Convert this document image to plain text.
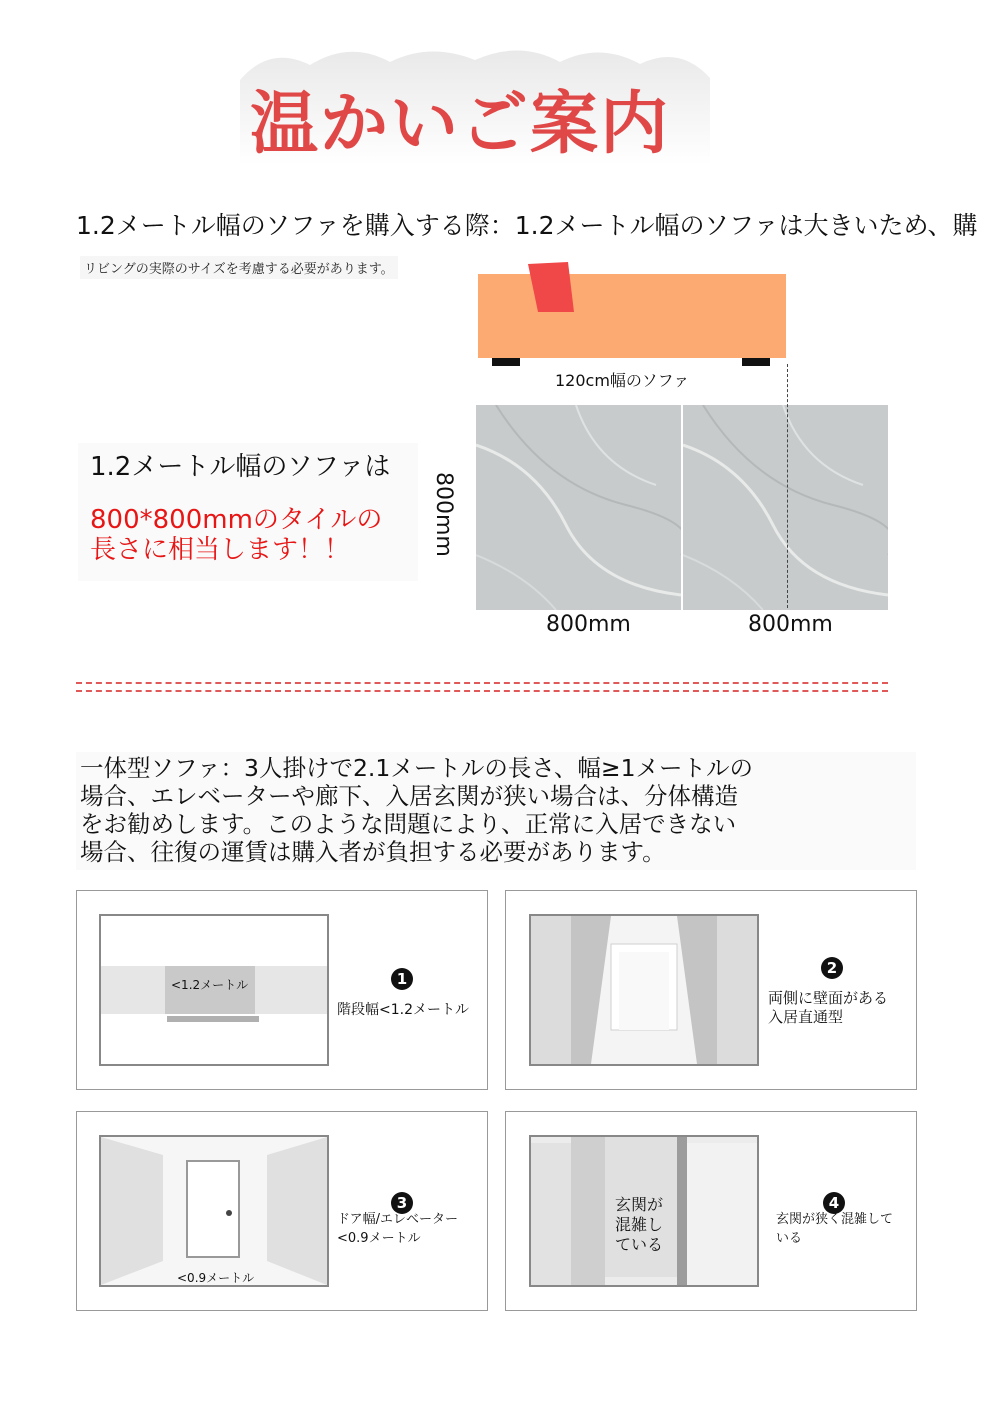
温かいご案内
1.2メートル幅のソファを購入する際：1.2メートル幅のソファは大きいため、購
リビングの実際のサイズを考慮する必要があります。
120cm幅のソファ
800mm	800mm
800mm
1.2メートル幅のソファは
800*800mmのタイルの
長さに相当します！！
一体型ソファ：3人掛けで2.1メートルの長さ、幅≥1メートルの
場合、エレベーターや廊下、入居玄関が狭い場合は、分体構造
をお勧めします。このような問題により、正常に入居できない
場合、往復の運賃は購入者が負担する必要があります。
<1.2メートル	1
階段幅<1.2メートル
2
両側に壁面がある入居直通型
<0.9メートル
3
ドア幅/エレベーター<0.9メートル
玄関が混雑している
4
玄関が狭く混雑している
